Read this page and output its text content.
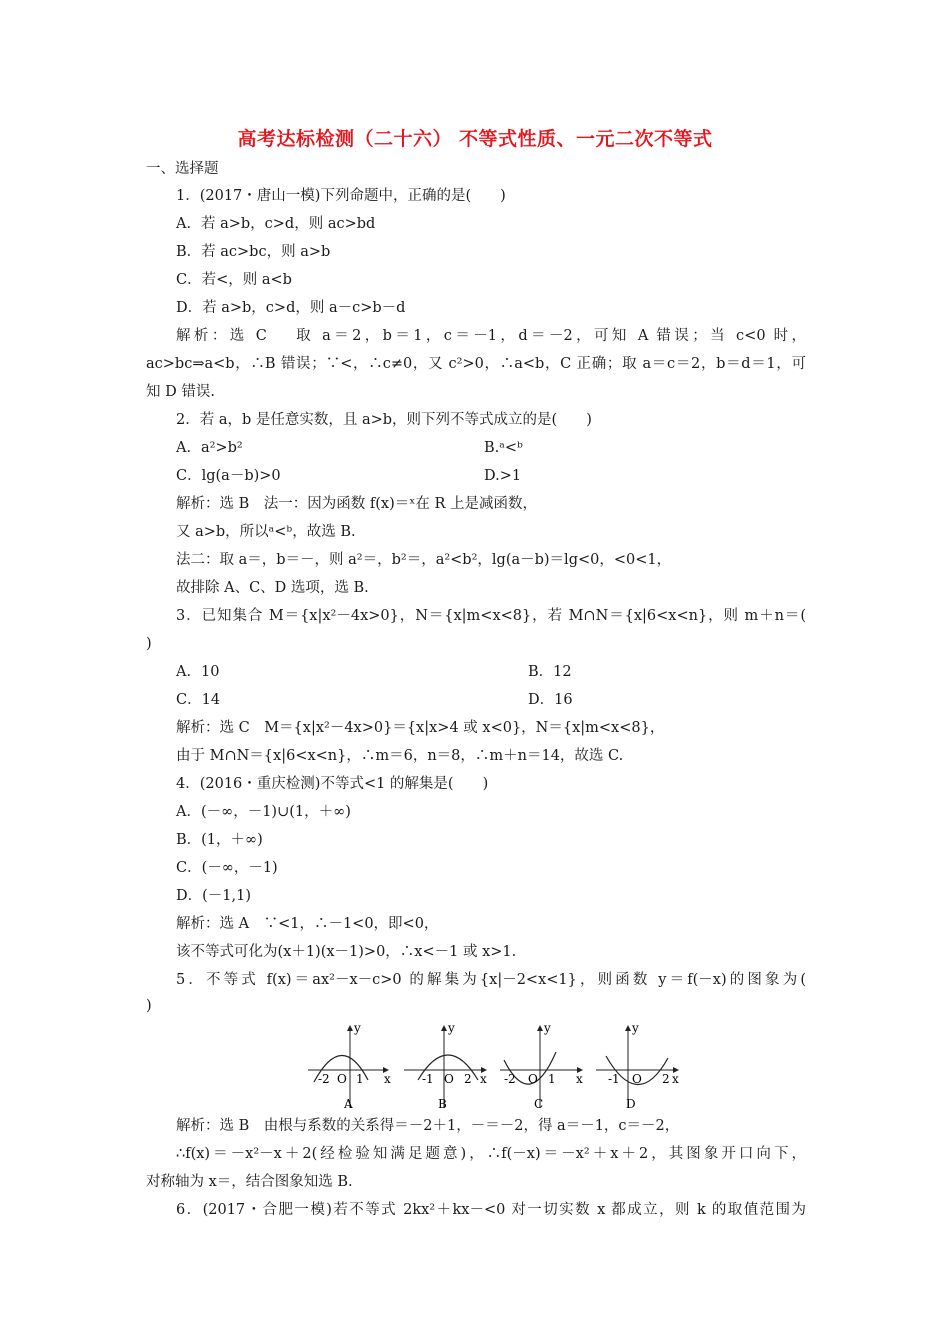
高考达标检测（二十六） 不等式性质、一元二次不等式
一、选择题
1．(2017・唐山一模)下列命题中，正确的是(　　)
A．若 a>b，c>d，则 ac>bd
B．若 ac>bc，则 a>b
C．若<，则 a<b
D．若 a>b，c>d，则 a－c>b－d
解析：选 C　 取 a＝2，b＝1，c＝－1，d＝－2，可知 A 错误；当 c<0 时，
ac>bc⇒a<b，∴B 错误；∵<，∴c≠0，又 c²>0，∴a<b，C 正确；取 a＝c＝2，b＝d＝1，可
知 D 错误.
2．若 a，b 是任意实数，且 a>b，则下列不等式成立的是(　　)
A．a²>b²	B.ᵃ<ᵇ
C．lg(a－b)>0	D.>1
解析：选 B　法一：因为函数 f(x)＝ˣ在 R 上是减函数，
又 a>b，所以ᵃ<ᵇ，故选 B.
法二：取 a＝，b＝－，则 a²＝，b²＝，a²<b²，lg(a－b)＝lg<0，<0<1，
故排除 A、C、D 选项，选 B.
3．已知集合 M＝{x|x²－4x>0}，N＝{x|m<x<8}，若 M∩N＝{x|6<x<n}，则 m＋n＝(
)
A．10	B．12
C．14	D．16
解析：选 C　M＝{x|x²－4x>0}＝{x|x>4 或 x<0}，N＝{x|m<x<8}，
由于 M∩N＝{x|6<x<n}，∴m＝6，n＝8，∴m＋n＝14，故选 C.
4．(2016・重庆检测)不等式<1 的解集是(　　)
A．(－∞，－1)∪(1，＋∞)
B．(1，＋∞)
C．(－∞，－1)
D．(－1,1)
解析：选 A　∵<1，∴－1<0，即<0，
该不等式可化为(x＋1)(x－1)>0，∴x<－1 或 x>1.
5．不等式 f(x)＝ax²－x－c>0 的解集为{x|－2<x<1}，则函数 y＝f(－x)的图象为(
)
y
x
-2 O 1
A
y
x
-1 O 2
B
y
x
-2 O 1
C
y
x
-1 O 2
D
解析：选 B　由根与系数的关系得＝－2＋1，－＝－2，得 a＝－1，c＝－2，
∴f(x)＝－x²－x＋2(经检验知满足题意)，∴f(－x)＝－x²＋x＋2，其图象开口向下，
对称轴为 x＝，结合图象知选 B.
6．(2017・合肥一模)若不等式 2kx²＋kx－<0 对一切实数 x 都成立，则 k 的取值范围为
